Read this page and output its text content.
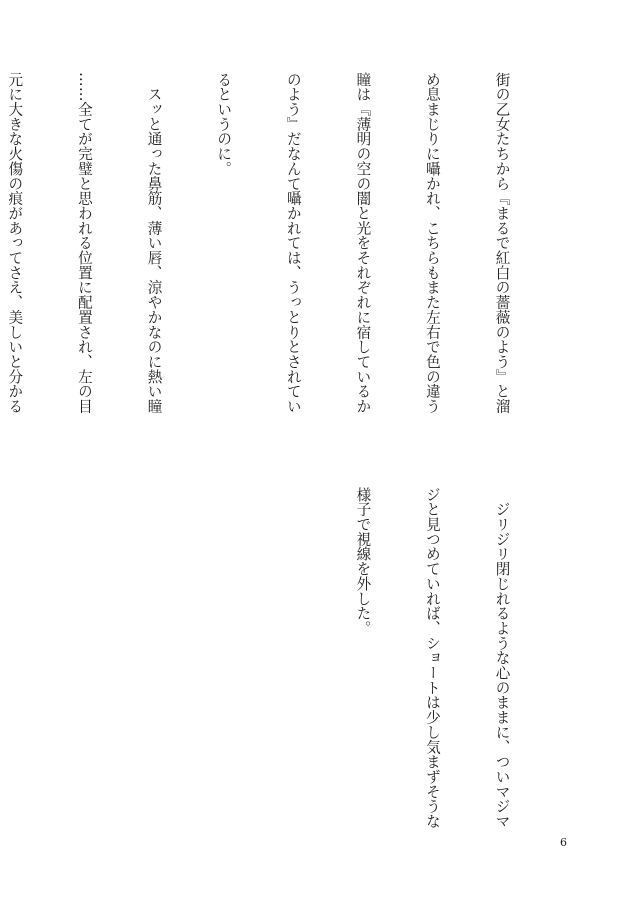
街の乙女たちから『まるで紅白の薔薇のよう』と溜

め息まじりに囁かれ、こちらもまた左右で色の違う

瞳は『薄明の空の闇と光をそれぞれに宿しているか

のよう』だなんて囁かれては、うっとりとされてい

るというのに。

　スッと通った鼻筋、薄い唇、涼やかなのに熱い瞳

……全てが完璧と思われる位置に配置され、左の目

元に大きな火傷の痕があってさえ、美しいと分かる

　ジリジリ閉じれるような心のままに、ついマジマ

ジと見つめていれば、ショートは少し気まずそうな

様子で視線を外した。

6
